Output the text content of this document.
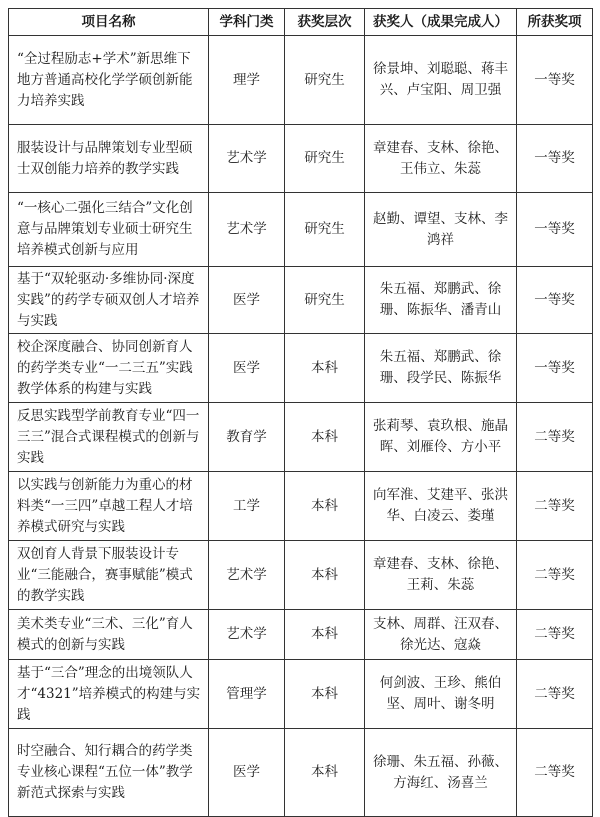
项目名称	学科门类	获奖层次	获奖人（成果完成人）	所获奖项
“全过程励志+学术”新思维下地方普通高校化学学硕创新能力培养实践	理学	研究生	徐景坤、刘聪聪、蒋丰兴、卢宝阳、周卫强	一等奖
服装设计与品牌策划专业型硕士双创能力培养的教学实践	艺术学	研究生	章建春、支林、徐艳、王伟立、朱蕊	一等奖
“一核心二强化三结合”文化创意与品牌策划专业硕士研究生培养模式创新与应用	艺术学	研究生	赵勤、谭望、支林、李鸿祥	一等奖
基于“双轮驱动·多维协同·深度实践”的药学专硕双创人才培养与实践	医学	研究生	朱五福、郑鹏武、徐珊、陈振华、潘青山	一等奖
校企深度融合、协同创新育人的药学类专业“一二三五”实践教学体系的构建与实践	医学	本科	朱五福、郑鹏武、徐珊、段学民、陈振华	一等奖
反思实践型学前教育专业“四一三三”混合式课程模式的创新与实践	教育学	本科	张莉琴、袁玖根、施晶晖、刘雁伶、方小平	二等奖
以实践与创新能力为重心的材料类“一三四”卓越工程人才培养模式研究与实践	工学	本科	向军淮、艾建平、张洪华、白凌云、娄瑾	二等奖
双创育人背景下服装设计专业“三能融合，赛事赋能”模式的教学实践	艺术学	本科	章建春、支林、徐艳、王莉、朱蕊	二等奖
美术类专业“三术、三化”育人模式的创新与实践	艺术学	本科	支林、周群、汪双春、徐光达、寇焱	二等奖
基于“三合”理念的出境领队人才“4321”培养模式的构建与实践	管理学	本科	何剑波、王珍、熊伯坚、周叶、谢冬明	二等奖
时空融合、知行耦合的药学类专业核心课程“五位一体”教学新范式探索与实践	医学	本科	徐珊、朱五福、孙薇、方海红、汤喜兰	二等奖
